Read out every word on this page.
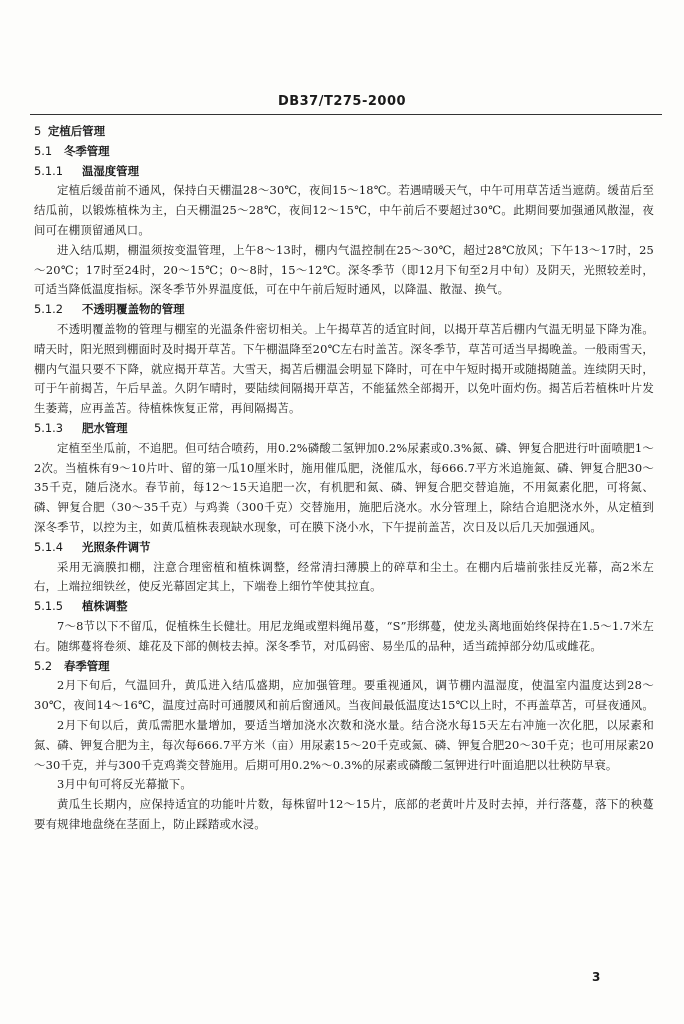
DB37/T275-2000
5 定植后管理
5.1 冬季管理
5.1.1 温湿度管理

定植后缓苗前不通风，保持白天棚温28～30℃，夜间15～18℃。若遇晴暖天气，中午可用草苫适当遮荫。缓苗后至结瓜前，以锻炼植株为主，白天棚温25～28℃，夜间12～15℃，中午前后不要超过30℃。此期间要加强通风散湿，夜间可在棚顶留通风口。

进入结瓜期，棚温须按变温管理，上午8～13时，棚内气温控制在25～30℃，超过28℃放风；下午13～17时，25～20℃；17时至24时，20～15℃；0～8时，15～12℃。深冬季节（即12月下旬至2月中旬）及阴天，光照较差时，可适当降低温度指标。深冬季节外界温度低，可在中午前后短时通风，以降温、散湿、换气。

5.1.2 不透明覆盖物的管理

不透明覆盖物的管理与棚室的光温条件密切相关。上午揭草苫的适宜时间，以揭开草苫后棚内气温无明显下降为准。晴天时，阳光照到棚面时及时揭开草苫。下午棚温降至20℃左右时盖苫。深冬季节，草苫可适当早揭晚盖。一般雨雪天，棚内气温只要不下降，就应揭开草苫。大雪天，揭苫后棚温会明显下降时，可在中午短时揭开或随揭随盖。连续阴天时，可于午前揭苫，午后早盖。久阴乍晴时，要陆续间隔揭开草苫，不能猛然全部揭开，以免叶面灼伤。揭苫后若植株叶片发生萎蔫，应再盖苫。待植株恢复正常，再间隔揭苫。

5.1.3 肥水管理

定植至坐瓜前，不追肥。但可结合喷药，用0.2%磷酸二氢钾加0.2%尿素或0.3%氮、磷、钾复合肥进行叶面喷肥1～2次。当植株有9～10片叶、留的第一瓜10厘米时，施用催瓜肥，浇催瓜水，每666.7平方米追施氮、磷、钾复合肥30～35千克，随后浇水。春节前，每12～15天追肥一次，有机肥和氮、磷、钾复合肥交替追施，不用氮素化肥，可将氮、磷、钾复合肥（30～35千克）与鸡粪（300千克）交替施用，施肥后浇水。水分管理上，除结合追肥浇水外，从定植到深冬季节，以控为主，如黄瓜植株表现缺水现象，可在膜下浇小水，下午提前盖苫，次日及以后几天加强通风。

5.1.4 光照条件调节

采用无滴膜扣棚，注意合理密植和植株调整，经常清扫薄膜上的碎草和尘土。在棚内后墙前张挂反光幕，高2米左右，上端拉细铁丝，使反光幕固定其上，下端卷上细竹竿使其拉直。

5.1.5 植株调整

7～8节以下不留瓜，促植株生长健壮。用尼龙绳或塑料绳吊蔓，“S”形绑蔓，使龙头离地面始终保持在1.5～1.7米左右。随绑蔓将卷须、雄花及下部的侧枝去掉。深冬季节，对瓜码密、易坐瓜的品种，适当疏掉部分幼瓜或雌花。

5.2 春季管理

2月下旬后，气温回升，黄瓜进入结瓜盛期，应加强管理。要重视通风，调节棚内温湿度，使温室内温度达到28～30℃，夜间14～16℃，温度过高时可通腰风和前后窗通风。当夜间最低温度达15℃以上时，不再盖草苫，可昼夜通风。

2月下旬以后，黄瓜需肥水量增加，要适当增加浇水次数和浇水量。结合浇水每15天左右冲施一次化肥，以尿素和氮、磷、钾复合肥为主，每次每666.7平方米（亩）用尿素15～20千克或氮、磷、钾复合肥20～30千克；也可用尿素20～30千克，并与300千克鸡粪交替施用。后期可用0.2%～0.3%的尿素或磷酸二氢钾进行叶面追肥以壮秧防早衰。

3月中旬可将反光幕撤下。

黄瓜生长期内，应保持适宜的功能叶片数，每株留叶12～15片，底部的老黄叶片及时去掉，并行落蔓，落下的秧蔓要有规律地盘绕在茎面上，防止踩踏或水浸。

3
